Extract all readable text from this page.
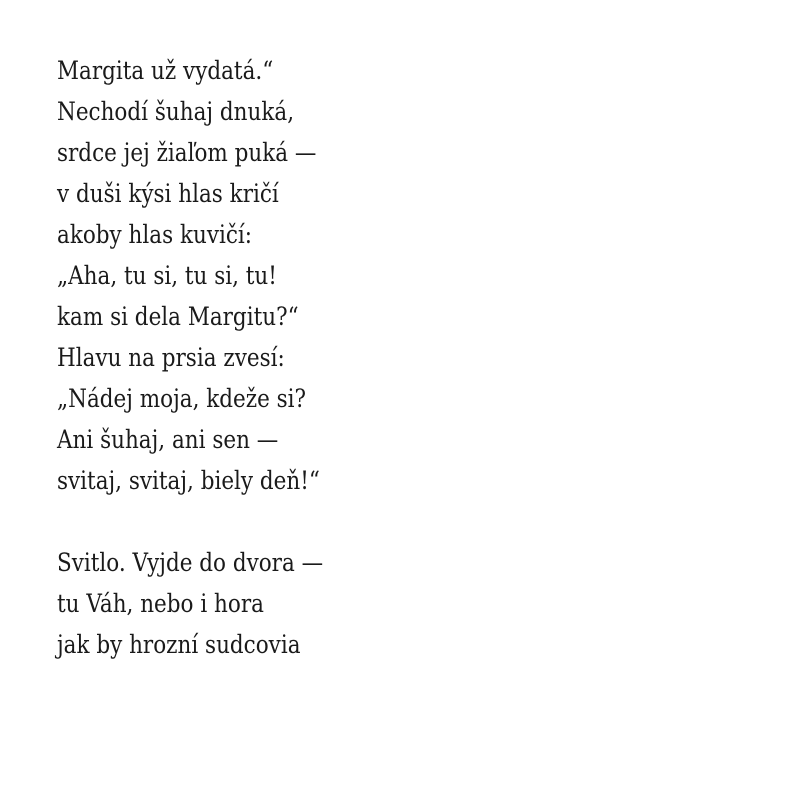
Margita už vydatá.“
Nechodí šuhaj dnuká,
srdce jej žiaľom puká —
v duši kýsi hlas kričí
akoby hlas kuvičí:
„Aha, tu si, tu si, tu!
kam si dela Margitu?“
Hlavu na prsia zvesí:
„Nádej moja, kdeže si?
Ani šuhaj, ani sen —
svitaj, svitaj, biely deň!“
Svitlo. Vyjde do dvora —
tu Váh, nebo i hora
jak by hrozní sudcovia
